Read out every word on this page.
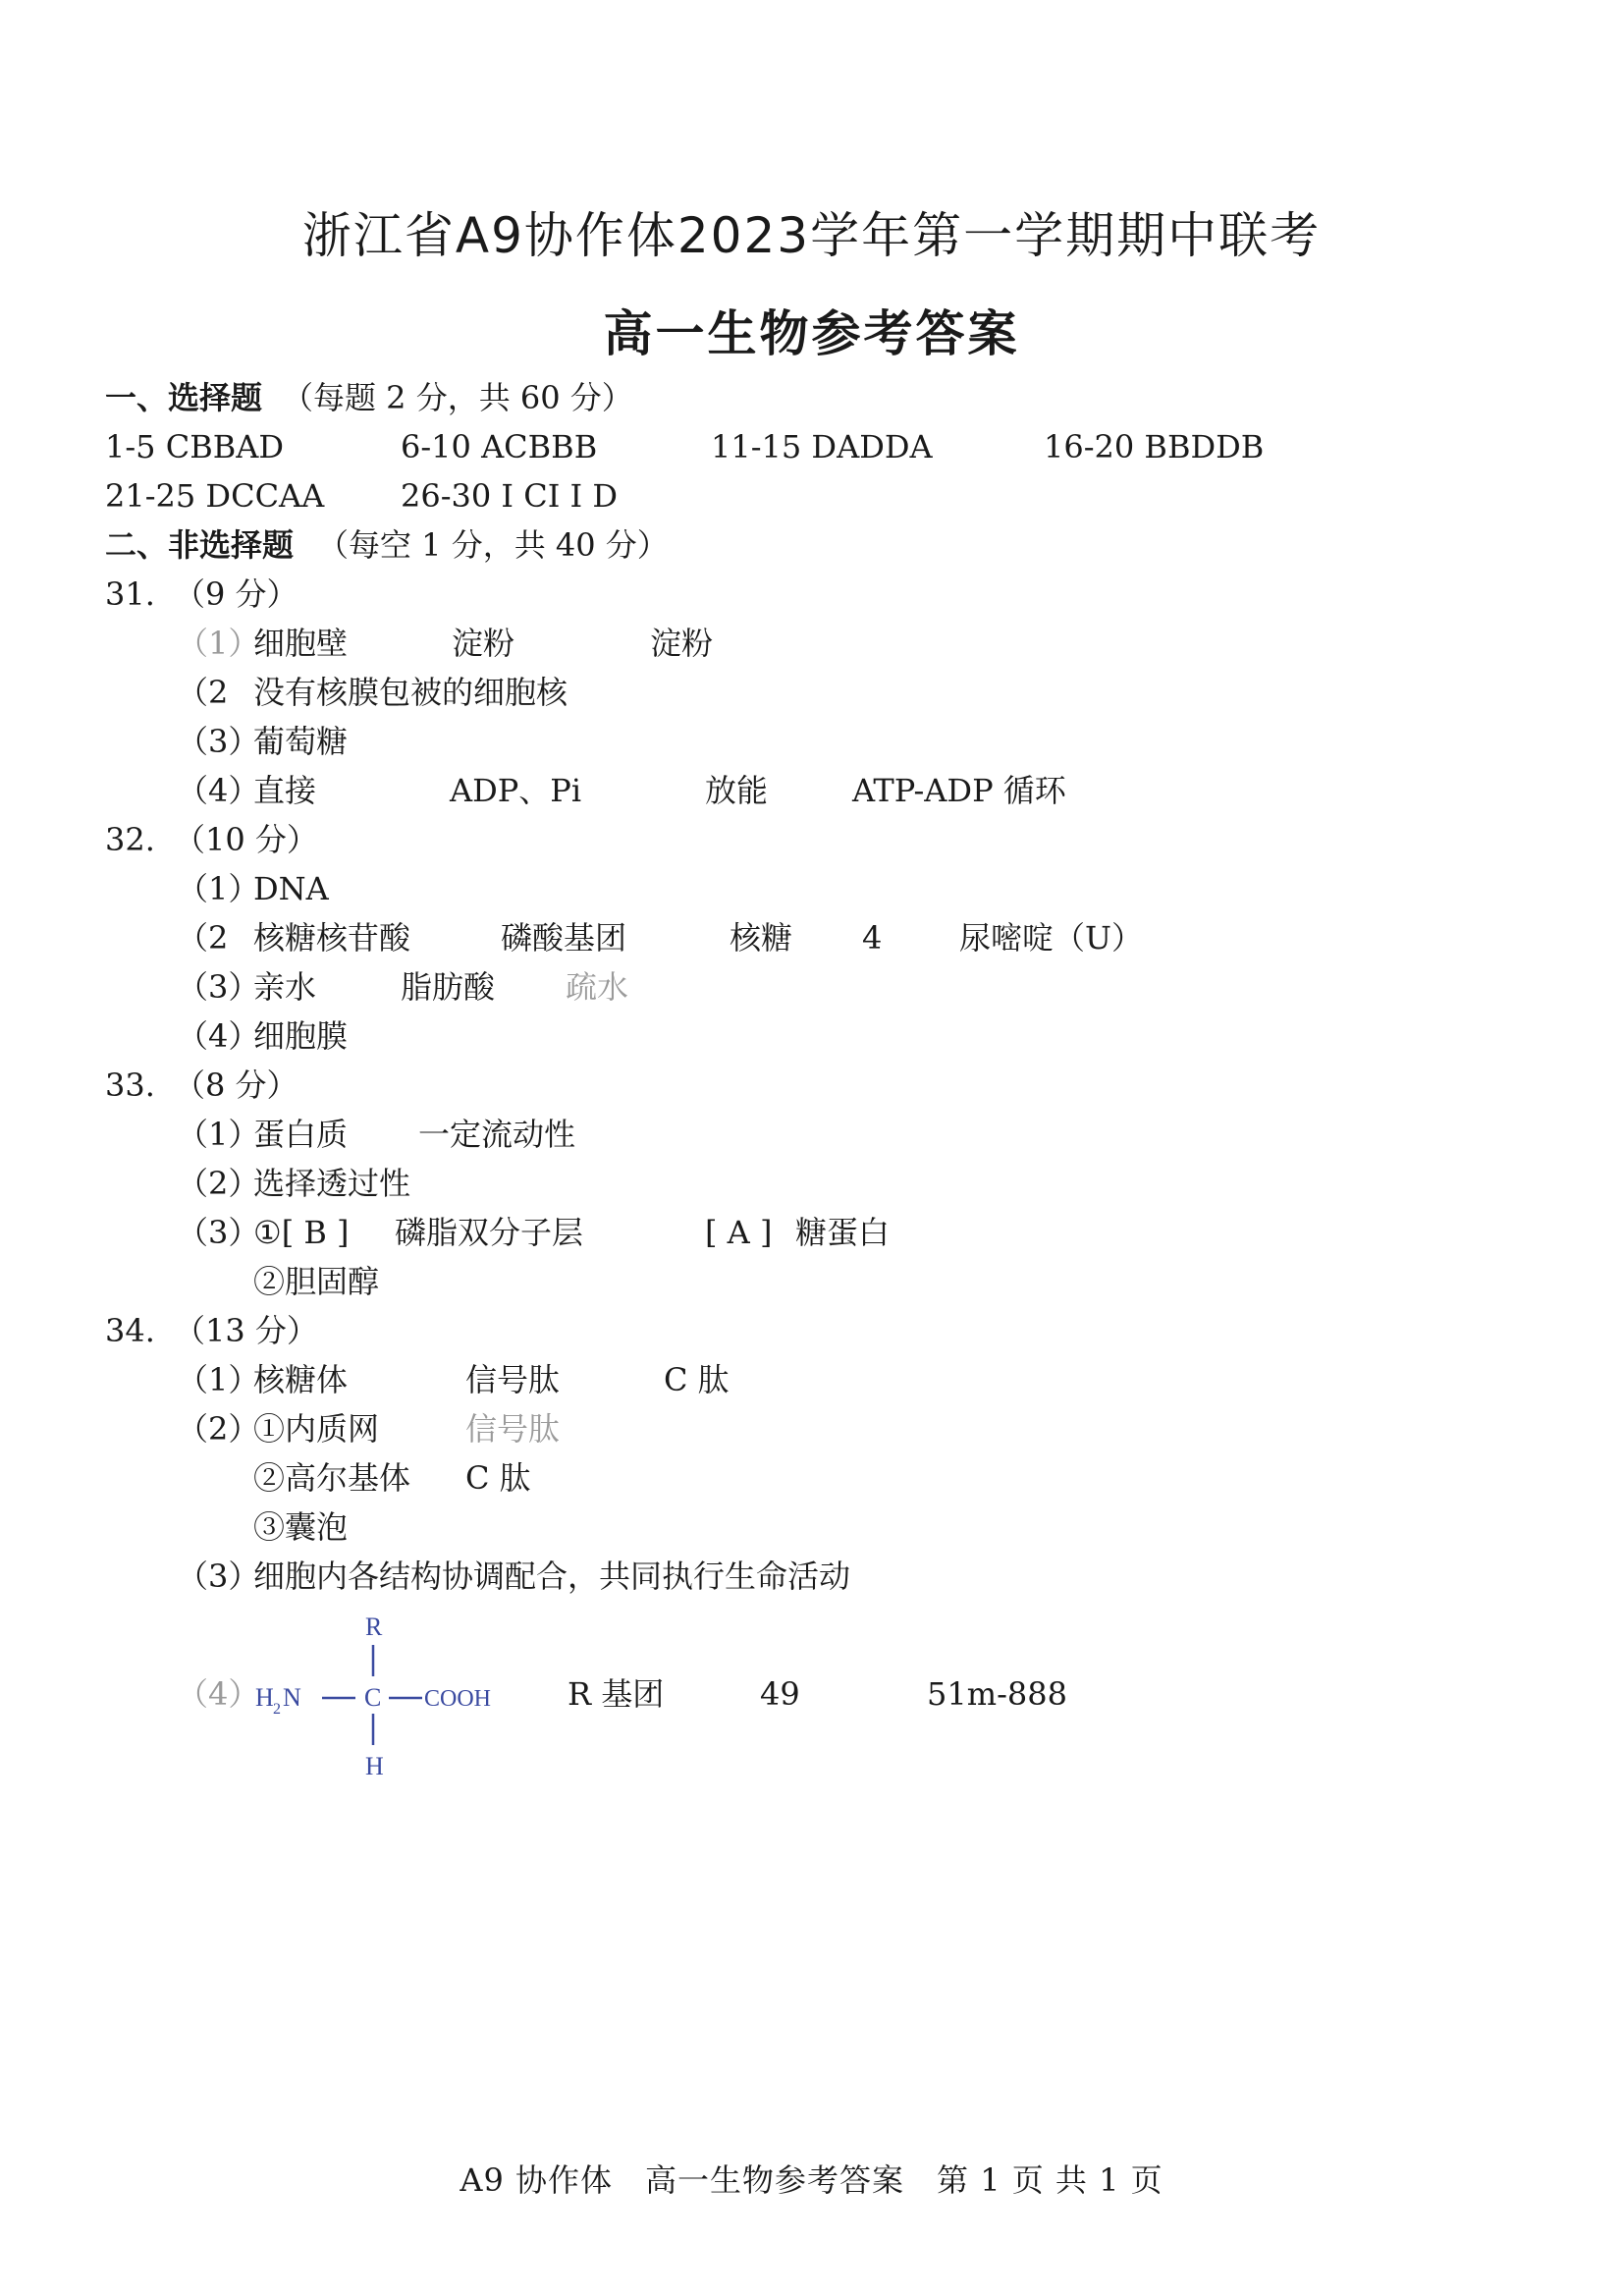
浙江省A9协作体2023学年第一学期期中联考
高一生物参考答案
一、选择题 （每题 2 分，共 60 分）
1-5 CBBAD	6-10 ACBBB	11-15 DADDA	16-20 BBDDB
21-25 DCCAA 26-30 I CI I D
二、非选择题 （每空 1 分，共 40 分）
31. （9 分）
（1）
细胞壁	淀粉	淀粉
（2 没有核膜包被的细胞核
（3）
葡萄糖
（4）
直接	ADP、Pi	放能	ATP-ADP 循环
32. （10 分）
（1）
DNA
（2 核糖核苷酸	磷酸基团	核糖 4 尿嘧啶（U）
（3）
亲水	脂肪酸 疏水
（4）
细胞膜
33. （8 分）
（1）
蛋白质 一定流动性
（2）
选择透过性
（3）
①[ B ] 磷脂双分子层	[ A ] 糖蛋白
②胆固醇
34. （13 分）
（1）
核糖体	信号肽	C 肽
（2）
①内质网	信号肽
②高尔基体 C 肽
③囊泡
（3）
细胞内各结构协调配合，共同执行生命活动
（4）	R 基团	49	51m-888
R
H 2 N C COOH
H
A9 协作体　高一生物参考答案　第 1 页 共 1 页
